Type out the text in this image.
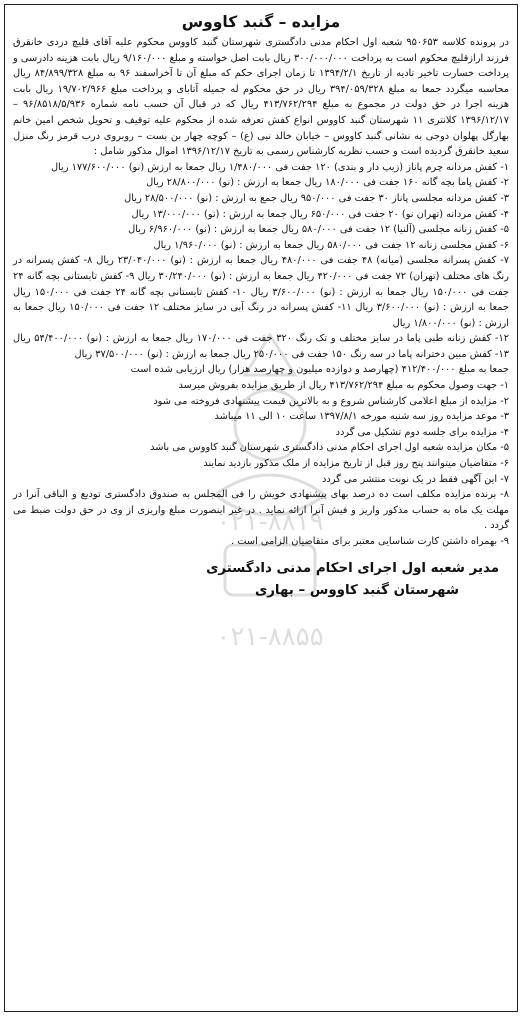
مزایده – گنبد کاووس

در پرونده کلاسه ۹۵۰۶۵۳ شعبه اول احکام مدنی دادگستری شهرستان گنبد کاووس محکوم علیه آقای قلیچ دردی خانقرق فرزند ارازقلیچ محکوم است به پرداخت ۳۰۰/۰۰۰/۰۰۰ ریال بابت اصل خواسته و مبلغ ۹/۱۶۰/۰۰۰ ریال بابت هزینه دادرسی و پرداخت خسارت تاخیر تادیه از تاریخ ۱۳۹۴/۲/۱ تا زمان اجرای حکم که مبلغ آن تا آخراسفند ۹۶ به مبلغ ۸۴/۸۹۹/۳۲۸ ریال محاسبه میگردد جمعا به مبلغ ۳۹۴/۰۵۹/۳۲۸ ریال در حق محکوم له جمیله آتابای و پرداخت مبلغ ۱۹/۷۰۲/۹۶۶ ریال بابت هزینه اجرا در حق دولت در مجموع به مبلغ ۴۱۳/۷۶۲/۲۹۴ ریال که در قبال آن حسب نامه شماره ۹۶/۸۵۱۸/۵/۹۳۶ – ۱۳۹۶/۱۲/۱۷ کلانتری ۱۱ شهرستان گنبد کاووس انواع کفش تعرفه شده از محکوم علیه توقیف و تحویل شخص امین خانم بهارگل پهلوان دوجی به نشانی گنبد کاووس – خیابان خالد نبی (ع) – کوچه چهار بن بست – روبروی درب قرمز رنگ منزل سعید خانقرق گردیده است و حسب نظریه کارشناس رسمی به تاریخ ۱۳۹۶/۱۲/۱۷ اموال مذکور شامل :

۱- کفش مردانه چرم پاناز (زیپ دار و بندی) ۱۲۰ جفت فی ۱/۴۸۰/۰۰۰ ریال جمعا به ارزش (نو) ۱۷۷/۶۰۰/۰۰۰ ریال

۲- کفش پاما بچه گانه ۱۶۰ جفت فی ۱۸۰/۰۰۰ ریال جمعا به ارزش : (نو) ۲۸/۸۰۰/۰۰۰ ریال

۳- کفش مردانه مجلسی پاناز ۳۰ جفت فی ۹۵۰/۰۰۰ ریال جمع به ارزش : (نو) ۲۸/۵۰۰/۰۰۰ ریال

۴- کفش مردانه (تهران نو) ۲۰ جفت فی ۶۵۰/۰۰۰ ریال جمعا به ارزش : (نو) ۱۳/۰۰۰/۰۰۰ ریال

۵- کفش زنانه مجلسی (آلنیا) ۱۲ جفت فی ۵۸۰/۰۰۰ ریال جمعا به ارزش : (نو) ۶/۹۶۰/۰۰۰ ریال

۶- کفش مجلسی زنانه ۱۲ جفت فی ۵۸۰/۰۰۰ ریال جمعا به ارزش : (نو) ۱/۹۶۰/۰۰۰ ریال

۷- کفش پسرانه مجلسی (میانه) ۴۸ جفت فی ۴۸۰/۰۰۰ ریال جمعا به ارزش : (نو) ۲۳/۰۴۰/۰۰۰ ریال ۸- کفش پسرانه در رنگ های مختلف (تهران) ۷۲ جفت فی ۴۲۰/۰۰۰ ریال جمعا به ارزش : (نو) ۳۰/۲۴۰/۰۰۰ ریال ۹- کفش تابستانی بچه گانه ۲۴ جفت فی ۱۵۰/۰۰۰ ریال جمعا به ارزش : (نو) ۳/۶۰۰/۰۰۰ ریال ۱۰- کفش تابستانی بچه گانه ۲۴ جفت فی ۱۵۰/۰۰۰ ریال جمعا به ارزش : (نو) ۳/۶۰۰/۰۰۰ ریال ۱۱- کفش پسرانه در رنگ آبی در سایز مختلف ۱۲ جفت فی ۱۵۰/۰۰۰ ریال جمعا به ارزش : (نو) ۱/۸۰۰/۰۰۰ ریال

۱۲- کفش زنانه طبی پاما در سایز مختلف و تک رنگ ۳۲۰ جفت فی ۱۷۰/۰۰۰ ریال جمعا به ارزش : (نو) ۵۴/۴۰۰/۰۰۰ ریال ۱۳- کفش مبین دخترانه پاما در سه رنگ ۱۵۰ جفت فی ۲۵۰/۰۰۰ ریال جمعا به ارزش : (نو) ۳۷/۵۰۰/۰۰۰ ریال

جمعا به مبلغ ۴۱۲/۴۰۰/۰۰۰ (چهارصد و دوازده میلیون و چهارصد هزار) ریال ارزیابی شده است

۱- جهت وصول محکوم به مبلغ ۴۱۳/۷۶۲/۲۹۴ ریال از طریق مزایده بفروش میرسد

۲- مزایده از مبلغ اعلامی کارشناس شروع و به بالاترین قیمت پیشنهادی فروخته می شود

۳- موعد مزایده روز سه شنبه مورخه ۱۳۹۷/۸/۱ ساعت ۱۰ الی ۱۱ میباشد

۴- مزایده برای جلسه دوم تشکیل می گردد

۵- مکان مزایده شعبه اول اجرای احکام مدنی دادگستری شهرستان گنبد کاووس می باشد

۶- متقاضیان میتوانند پنج روز قبل از تاریخ مزایده از ملک مذکور بازدید نمایند

۷- این آگهی فقط در یک نوبت منتشر می گردد

۸- برنده مزایده مکلف است ده درصد بهای پیشنهادی خویش را فی المجلس به صندوق دادگستری تودیع و الباقی آنرا در مهلت یک ماه به حساب مذکور واریز و فیش آنرا ارائه نماید . در غیر اینصورت مبلغ واریزی از وی در حق دولت ضبط می گردد .

۹- بهمراه داشتن کارت شناسایی معتبر برای متقاضیان الزامی است .

مدیر شعبه اول اجرای احکام مدنی دادگستری
شهرستان گنبد کاووس – بهاری
۰۲۱-۸۸۱۹
۰۲۱-۸۸۵۵
